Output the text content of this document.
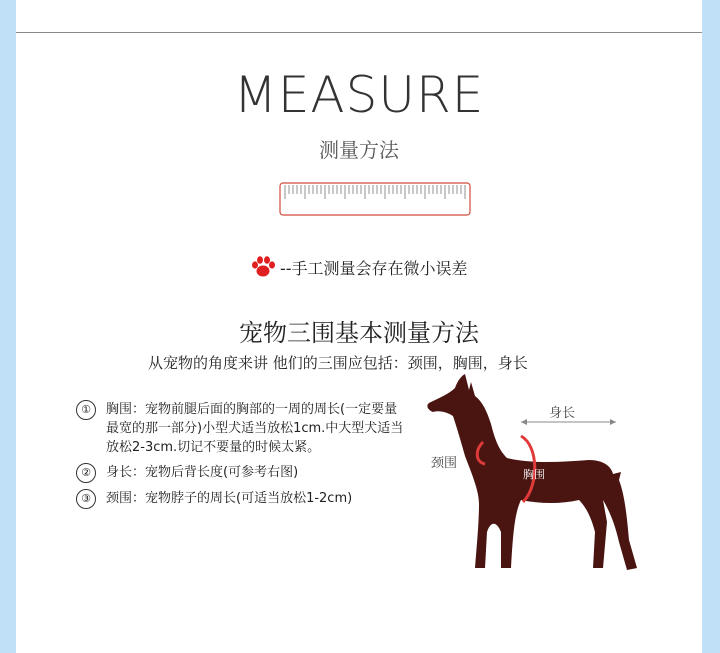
MEASURE
测量方法
--手工测量会存在微小误差
宠物三围基本测量方法
从宠物的角度来讲 他们的三围应包括：颈围，胸围，身长
①	胸围：宠物前腿后面的胸部的一周的周长(一定要量最宽的那一部分)小型犬适当放松1cm.中大型犬适当放松2-3cm.切记不要量的时候太紧。
②	身长：宠物后背长度(可参考右图)
③	颈围：宠物脖子的周长(可适当放松1-2cm)
身长
颈围
胸围
